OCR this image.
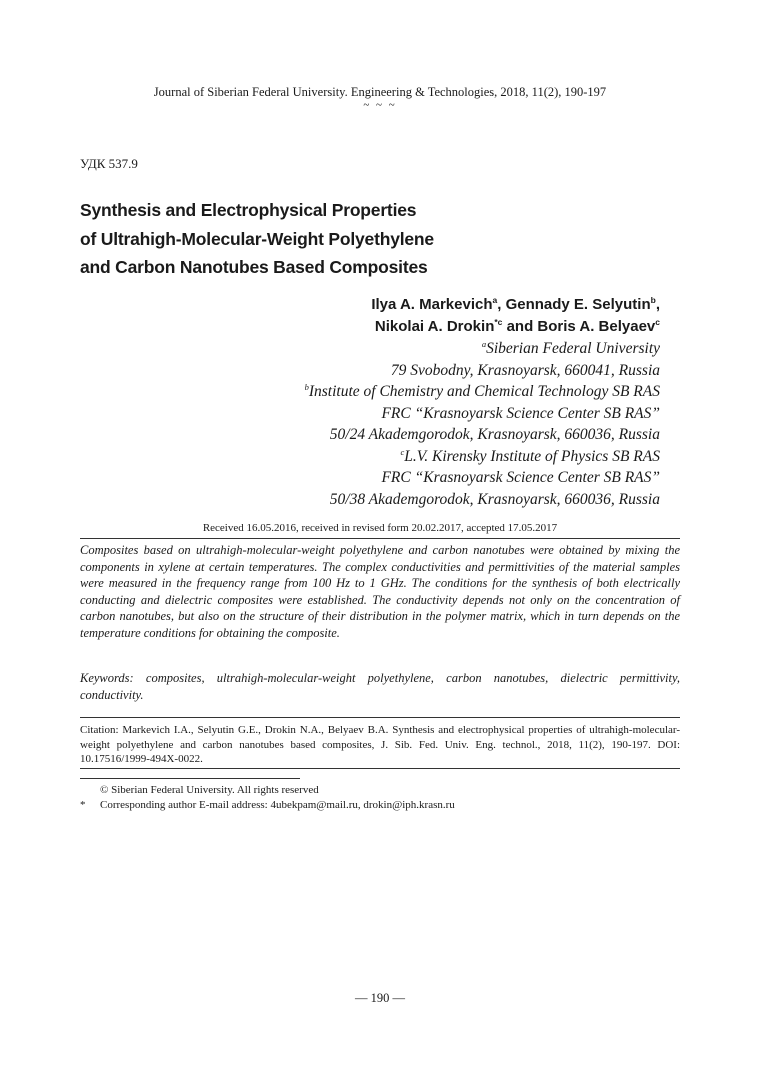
Journal of Siberian Federal University. Engineering & Technologies, 2018, 11(2), 190-197
~ ~ ~
УДК 537.9
Synthesis and Electrophysical Properties
of Ultrahigh-Molecular-Weight Polyethylene
and Carbon Nanotubes Based Composites
Ilya A. Markevich$^a$, Gennady E. Selyutin$^b$,
Nikolai A. Drokin$^{*c}$ and Boris A. Belyaev$^c$
$^a$Siberian Federal University
79 Svobodny, Krasnoyarsk, 660041, Russia
$^b$Institute of Chemistry and Chemical Technology SB RAS
FRC “Krasnoyarsk Science Center SB RAS”
50/24 Akademgorodok, Krasnoyarsk, 660036, Russia
$^c$L.V. Kirensky Institute of Physics SB RAS
FRC “Krasnoyarsk Science Center SB RAS”
50/38 Akademgorodok, Krasnoyarsk, 660036, Russia
Received 16.05.2016, received in revised form 20.02.2017, accepted 17.05.2017

Composites based on ultrahigh-molecular-weight polyethylene and carbon nanotubes were obtained by mixing the components in xylene at certain temperatures. The complex conductivities and permittivities of the material samples were measured in the frequency range from 100 Hz to 1 GHz. The conditions for the synthesis of both electrically conducting and dielectric composites were established. The conductivity depends not only on the concentration of carbon nanotubes, but also on the structure of their distribution in the polymer matrix, which in turn depends on the temperature conditions for obtaining the composite.

Keywords: composites, ultrahigh-molecular-weight polyethylene, carbon nanotubes, dielectric permittivity, conductivity.

Citation: Markevich I.A., Selyutin G.E., Drokin N.A., Belyaev B.A. Synthesis and electrophysical properties of ultrahigh-molecular-weight polyethylene and carbon nanotubes based composites, J. Sib. Fed. Univ. Eng. technol., 2018, 11(2), 190-197. DOI: 10.17516/1999-494X-0022.

© Siberian Federal University. All rights reserved
*	Corresponding author E-mail address: 4ubekpam@mail.ru, drokin@iph.krasn.ru
― 190 ―
